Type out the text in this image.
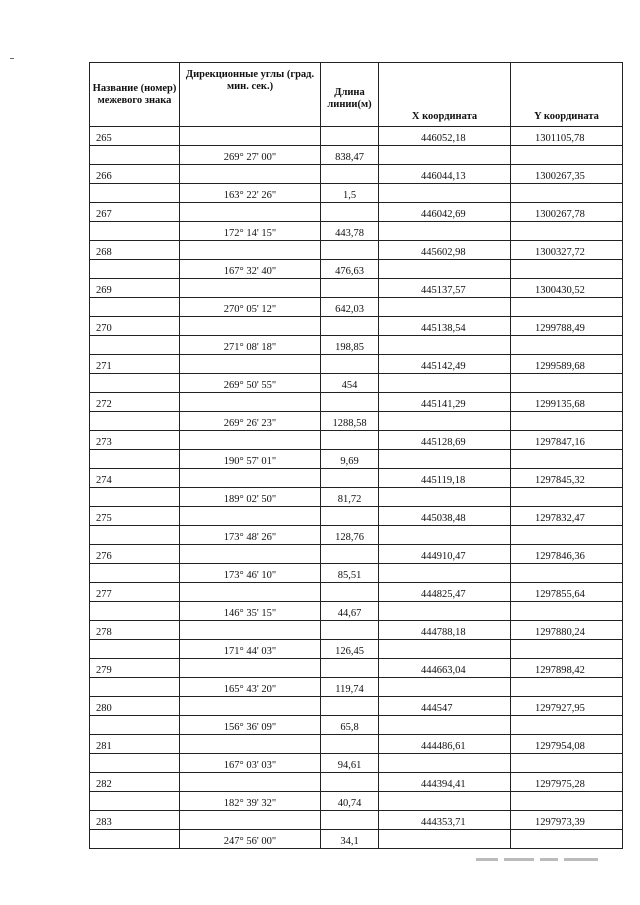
Название (номер) межевого знака	Дирекционные углы (град. мин. сек.)	Длина линии(м)	X координата	Y координата
265			446052,18	1301105,78
	269° 27' 00"	838,47		
266			446044,13	1300267,35
	163° 22' 26"	1,5		
267			446042,69	1300267,78
	172° 14' 15"	443,78		
268			445602,98	1300327,72
	167° 32' 40"	476,63		
269			445137,57	1300430,52
	270° 05' 12"	642,03		
270			445138,54	1299788,49
	271° 08' 18"	198,85		
271			445142,49	1299589,68
	269° 50' 55"	454		
272			445141,29	1299135,68
	269° 26' 23"	1288,58		
273			445128,69	1297847,16
	190° 57' 01"	9,69		
274			445119,18	1297845,32
	189° 02' 50"	81,72		
275			445038,48	1297832,47
	173° 48' 26"	128,76		
276			444910,47	1297846,36
	173° 46' 10"	85,51		
277			444825,47	1297855,64
	146° 35' 15"	44,67		
278			444788,18	1297880,24
	171° 44' 03"	126,45		
279			444663,04	1297898,42
	165° 43' 20"	119,74		
280			444547	1297927,95
	156° 36' 09"	65,8		
281			444486,61	1297954,08
	167° 03' 03"	94,61		
282			444394,41	1297975,28
	182° 39' 32"	40,74		
283			444353,71	1297973,39
	247° 56' 00"	34,1		
